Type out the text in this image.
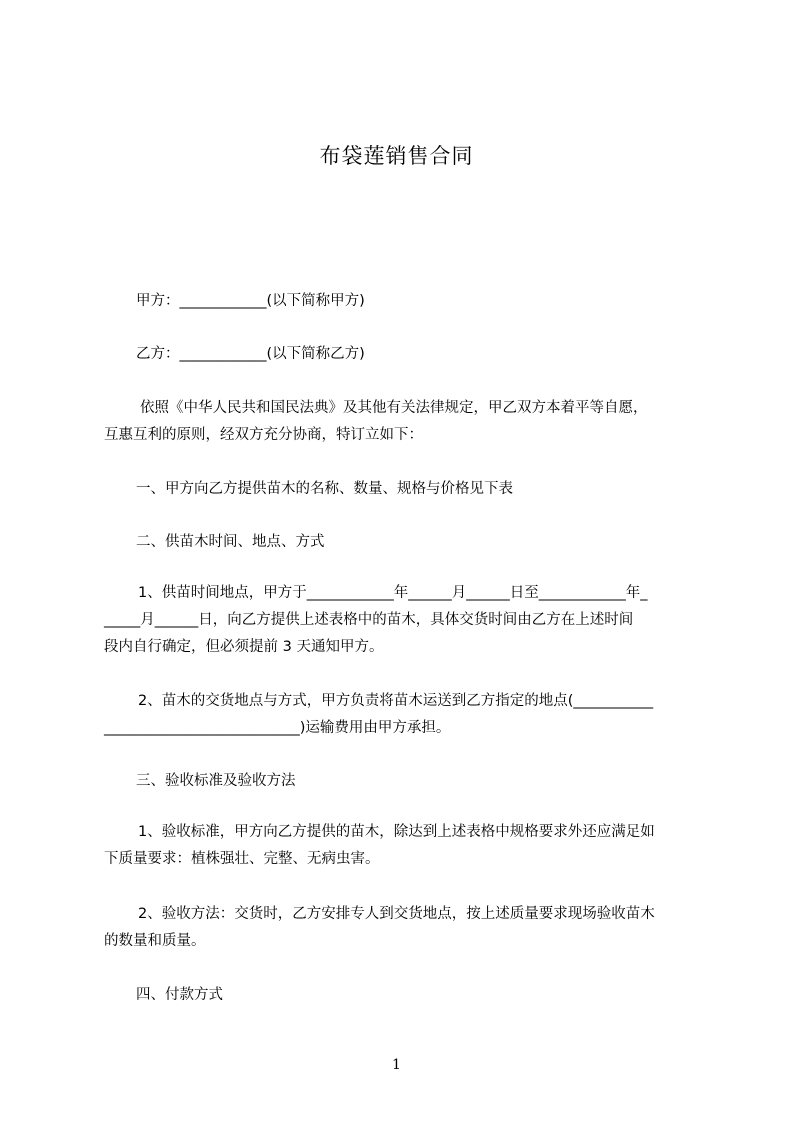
布袋莲销售合同
甲方：____________(以下简称甲方)
乙方：____________(以下简称乙方)
依照《中华人民共和国民法典》及其他有关法律规定，甲乙双方本着平等自愿，
互惠互利的原则，经双方充分协商，特订立如下：
一、甲方向乙方提供苗木的名称、数量、规格与价格见下表
二、供苗木时间、地点、方式
1、供苗时间地点，甲方于____________年______月______日至____________年_
_____月______日，向乙方提供上述表格中的苗木，具体交货时间由乙方在上述时间
段内自行确定，但必须提前 3 天通知甲方。
2、苗木的交货地点与方式，甲方负责将苗木运送到乙方指定的地点(___________
___________________________)运输费用由甲方承担。
三、验收标准及验收方法
1、验收标准，甲方向乙方提供的苗木，除达到上述表格中规格要求外还应满足如
下质量要求：植株强壮、完整、无病虫害。
2、验收方法：交货时，乙方安排专人到交货地点，按上述质量要求现场验收苗木
的数量和质量。
四、付款方式
1
